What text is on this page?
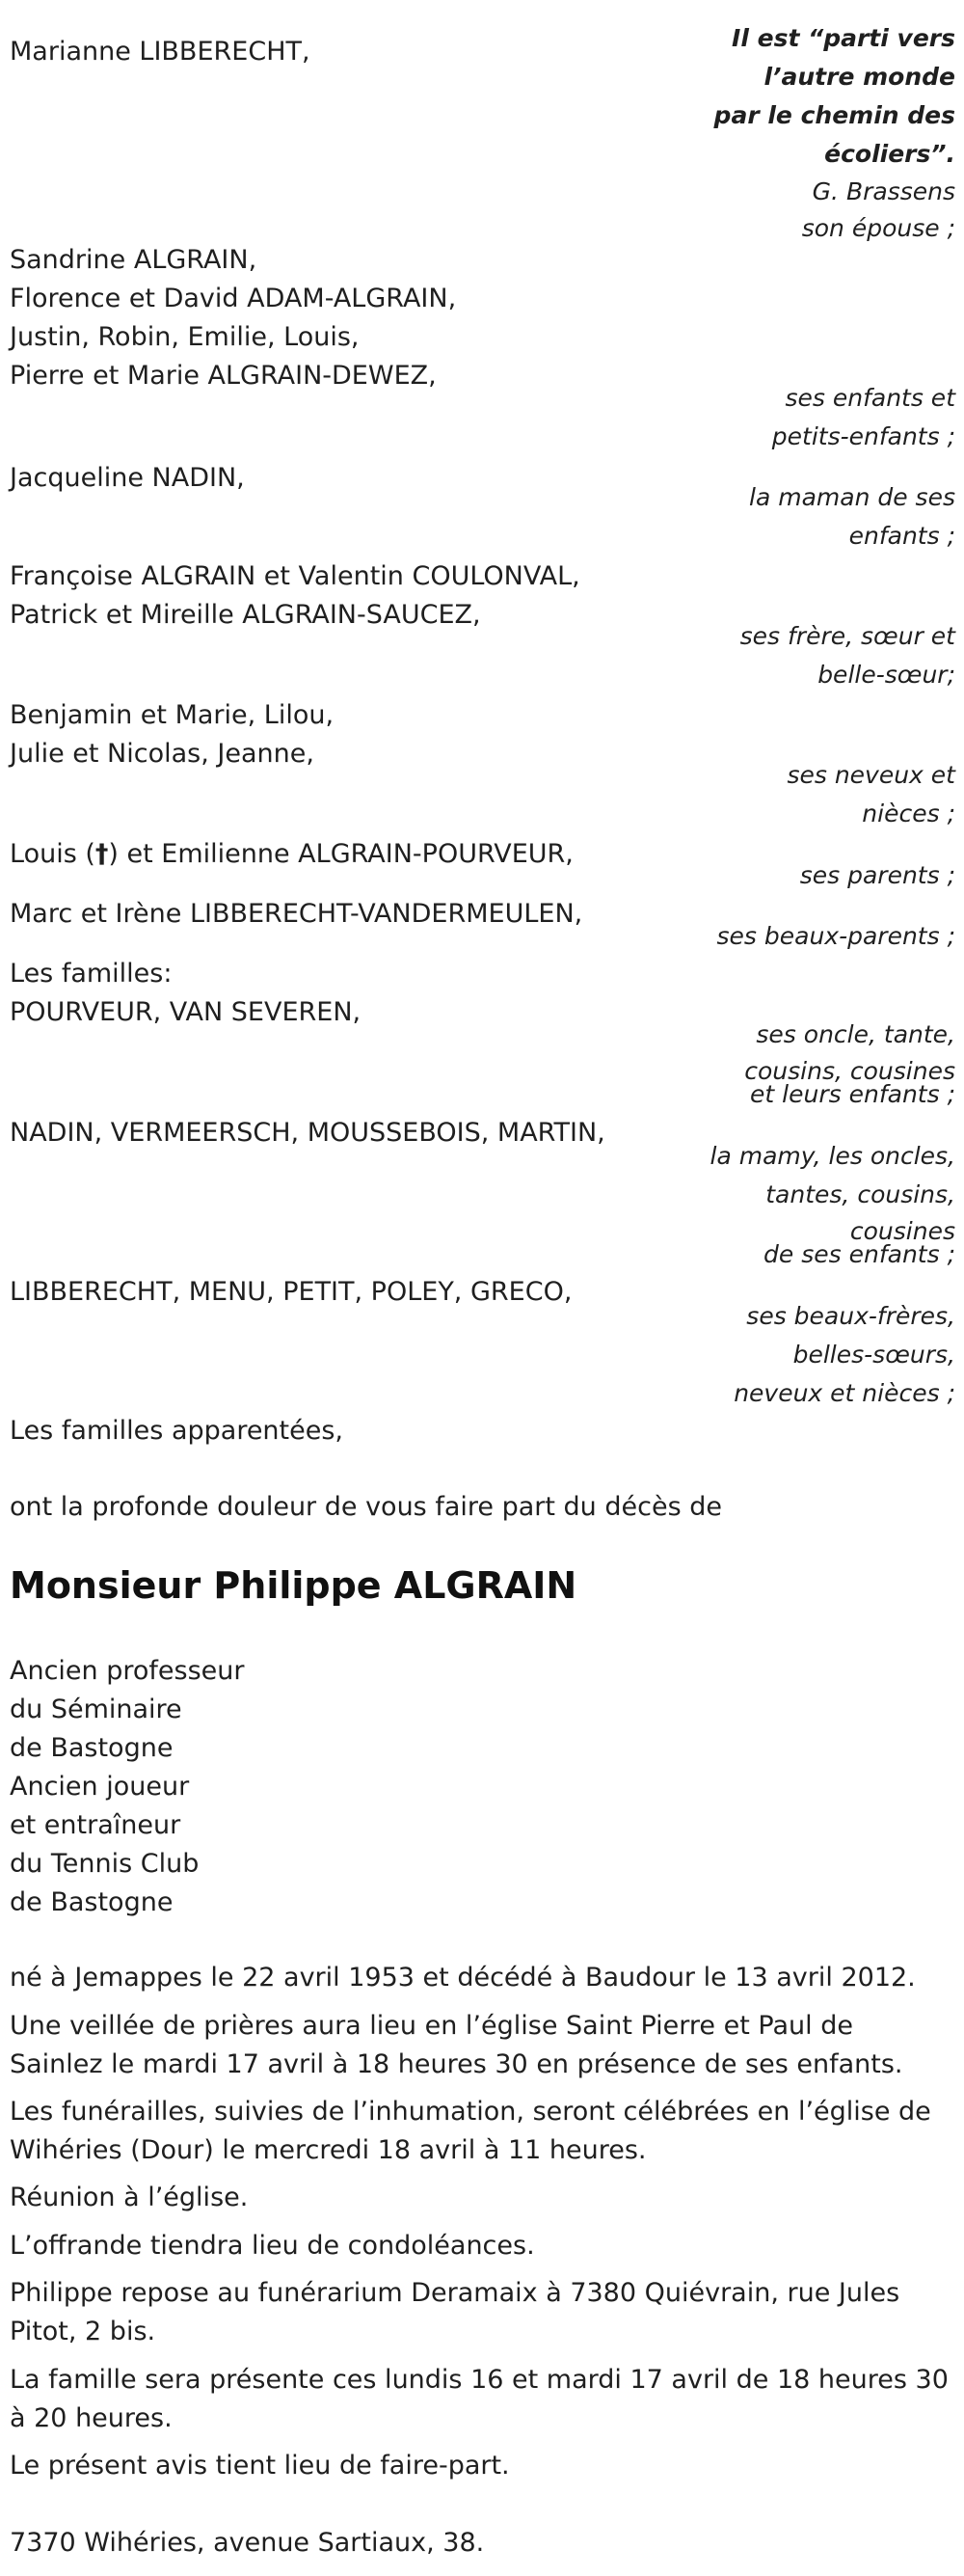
Marianne LIBBERECHT,	Il est “parti vers
l’autre monde
par le chemin des
écoliers”.
G. Brassens
son épouse ;
Sandrine ALGRAIN,
Florence et David ADAM-ALGRAIN,
Justin, Robin, Emilie, Louis,
Pierre et Marie ALGRAIN-DEWEZ,
ses enfants et
petits-enfants ;
Jacqueline NADIN,
la maman de ses
enfants ;
Françoise ALGRAIN et Valentin COULONVAL,
Patrick et Mireille ALGRAIN-SAUCEZ,
ses frère, sœur et
belle-sœur;
Benjamin et Marie, Lilou,
Julie et Nicolas, Jeanne,
ses neveux et
nièces ;
Louis (†) et Emilienne ALGRAIN-POURVEUR,
ses parents ;
Marc et Irène LIBBERECHT-VANDERMEULEN,
ses beaux-parents ;
Les familles:
POURVEUR, VAN SEVEREN,
ses oncle, tante,
cousins, cousines
et leurs enfants ;
NADIN, VERMEERSCH, MOUSSEBOIS, MARTIN,
la mamy, les oncles,
tantes, cousins,
cousines
de ses enfants ;
LIBBERECHT, MENU, PETIT, POLEY, GRECO,
ses beaux-frères,
belles-sœurs,
neveux et nièces ;
Les familles apparentées,
ont la profonde douleur de vous faire part du décès de
Monsieur Philippe ALGRAIN
Ancien professeur
du Séminaire
de Bastogne
Ancien joueur
et entraîneur
du Tennis Club
de Bastogne
né à Jemappes le 22 avril 1953 et décédé à Baudour le 13 avril 2012.
Une veillée de prières aura lieu en l’église Saint Pierre et Paul de Sainlez le mardi 17 avril à 18 heures 30 en présence de ses enfants.
Les funérailles, suivies de l’inhumation, seront célébrées en l’église de Wihéries (Dour) le mercredi 18 avril à 11 heures.
Réunion à l’église.
L’offrande tiendra lieu de condoléances.
Philippe repose au funérarium Deramaix à 7380 Quiévrain, rue Jules Pitot, 2 bis.
La famille sera présente ces lundis 16 et mardi 17 avril de 18 heures 30 à 20 heures.
Le présent avis tient lieu de faire-part.
7370 Wihéries, avenue Sartiaux, 38.
